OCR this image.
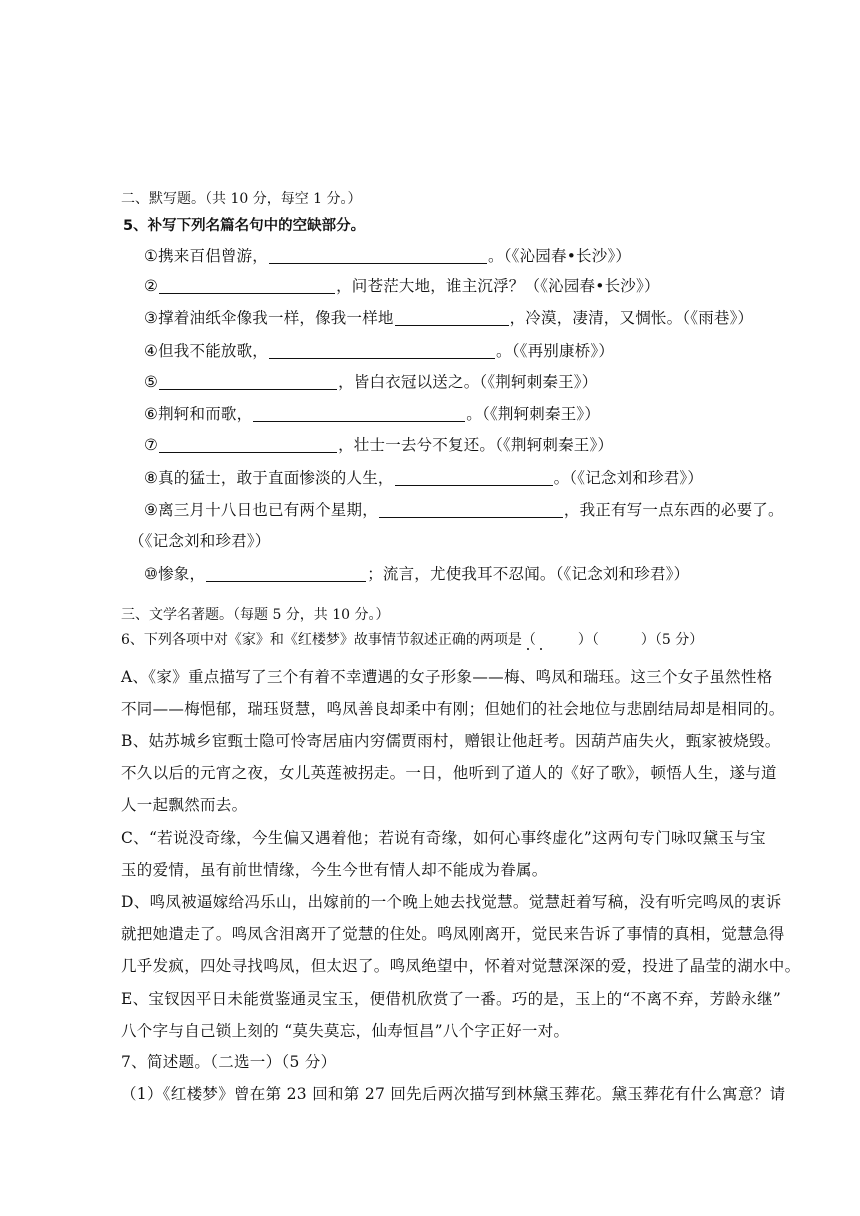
二、默写题。（共 10 分，每空 1 分。）
5、补写下列名篇名句中的空缺部分。
①携来百侣曾游，	。（《沁园春•长沙》）
②	，问苍茫大地，谁主沉浮？（《沁园春•长沙》）
③撑着油纸伞像我一样，像我一样地	，冷漠，凄清，又惆怅。（《雨巷》）
④但我不能放歌，	。（《再别康桥》）
⑤	，皆白衣冠以送之。（《荆轲刺秦王》）
⑥荆轲和而歌，	。（《荆轲刺秦王》）
⑦	，壮士一去兮不复还。（《荆轲刺秦王》）
⑧真的猛士，敢于直面惨淡的人生，	。（《记念刘和珍君》）
⑨离三月十八日也已有两个星期，	，我正有写一点东西的必要了。
（《记念刘和珍君》）
⑩惨象，	；流言，尤使我耳不忍闻。（《记念刘和珍君》）
三、文学名著题。（每题 5 分，共 10 分。）
6、下列各项中对《家》和《红楼梦》故事情节叙述正确的两项是（　　　）（　　　）（5 分）
A、《家》重点描写了三个有着不幸遭遇的女子形象——梅、鸣凤和瑞珏。这三个女子虽然性格
不同——梅悒郁，瑞珏贤慧，鸣凤善良却柔中有刚；但她们的社会地位与悲剧结局却是相同的。
B、姑苏城乡宦甄士隐可怜寄居庙内穷儒贾雨村，赠银让他赶考。因葫芦庙失火，甄家被烧毁。
不久以后的元宵之夜，女儿英莲被拐走。一日，他听到了道人的《好了歌》，顿悟人生，遂与道
人一起飘然而去。
C、“若说没奇缘，今生偏又遇着他；若说有奇缘，如何心事终虚化”这两句专门咏叹黛玉与宝
玉的爱情，虽有前世情缘，今生今世有情人却不能成为眷属。
D、鸣凤被逼嫁给冯乐山，出嫁前的一个晚上她去找觉慧。觉慧赶着写稿，没有听完鸣凤的衷诉
就把她遣走了。鸣凤含泪离开了觉慧的住处。鸣凤刚离开，觉民来告诉了事情的真相，觉慧急得
几乎发疯，四处寻找鸣凤，但太迟了。鸣凤绝望中，怀着对觉慧深深的爱，投进了晶莹的湖水中。
E、宝钗因平日未能赏鉴通灵宝玉，便借机欣赏了一番。巧的是，玉上的“不离不弃，芳龄永继”
八个字与自己锁上刻的 “莫失莫忘，仙寿恒昌”八个字正好一对。
7、简述题。（二选一）（5 分）
（1）《红楼梦》曾在第 23 回和第 27 回先后两次描写到林黛玉葬花。黛玉葬花有什么寓意？请
